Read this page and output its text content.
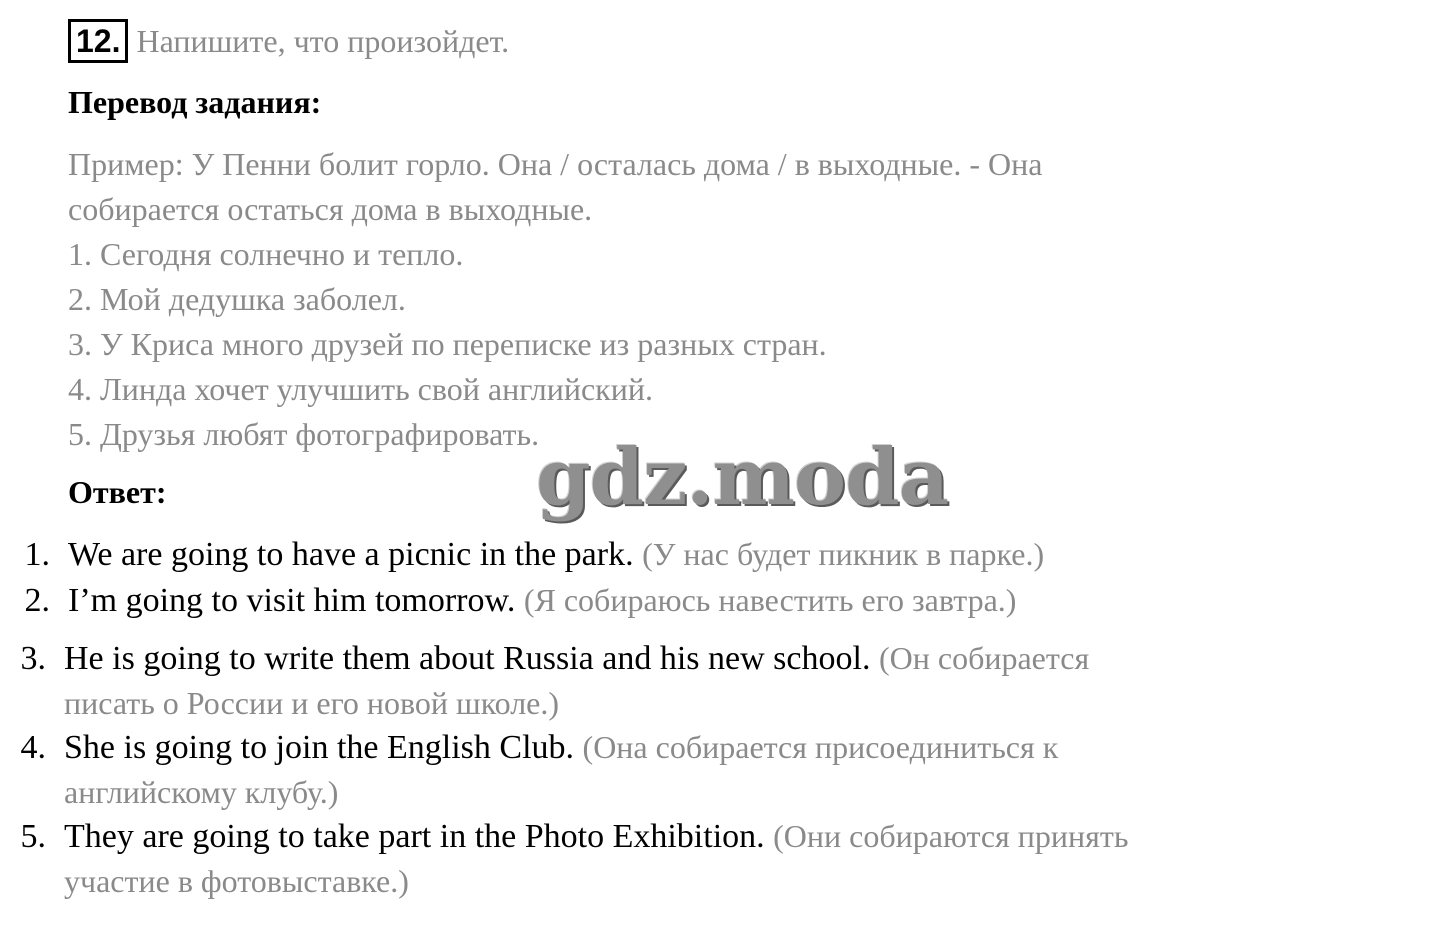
12. Напишите, что произойдет.
Перевод задания:
Пример: У Пенни болит горло. Она / осталась дома / в выходные. - Она
собирается остаться дома в выходные.
1. Сегодня солнечно и тепло.
2. Мой дедушка заболел.
3. У Криса много друзей по переписке из разных стран.
4. Линда хочет улучшить свой английский.
5. Друзья любят фотографировать.
gdz.moda
Ответ:
1. We are going to have a picnic in the park. (У нас будет пикник в парке.)
2. I’m going to visit him tomorrow. (Я собираюсь навестить его завтра.)
3. He is going to write them about Russia and his new school. (Он собирается
писать о России и его новой школе.)
4. She is going to join the English Club. (Она собирается присоединиться к
английскому клубу.)
5. They are going to take part in the Photo Exhibition. (Они собираются принять
участие в фотовыставке.)
